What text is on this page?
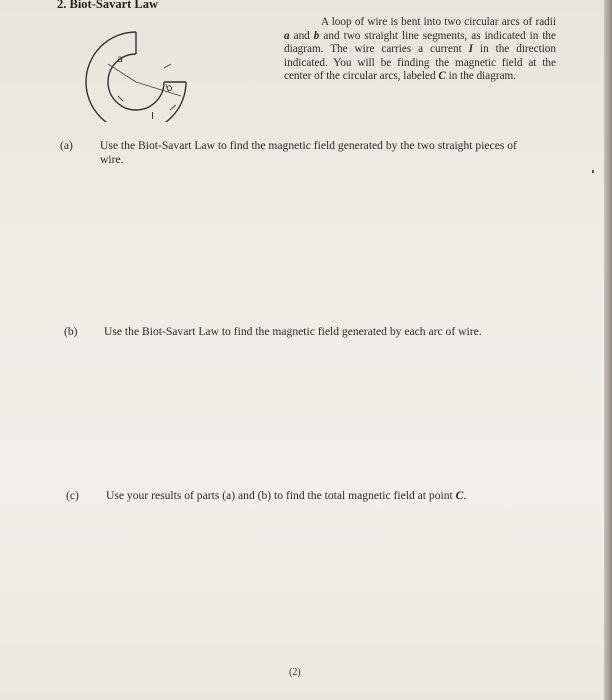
2. Biot-Savart Law
a
b
I
A loop of wire is bent into two circular arcs of radii a and b and two straight line segments, as indicated in the diagram. The wire carries a current I in the direction indicated. You will be finding the magnetic field at the center of the circular arcs, labeled C in the diagram.
(a) Use the Biot-Savart Law to find the magnetic field generated by the two straight pieces of wire.
(b) Use the Biot-Savart Law to find the magnetic field generated by each arc of wire.
(c) Use your results of parts (a) and (b) to find the total magnetic field at point C.
(2)
